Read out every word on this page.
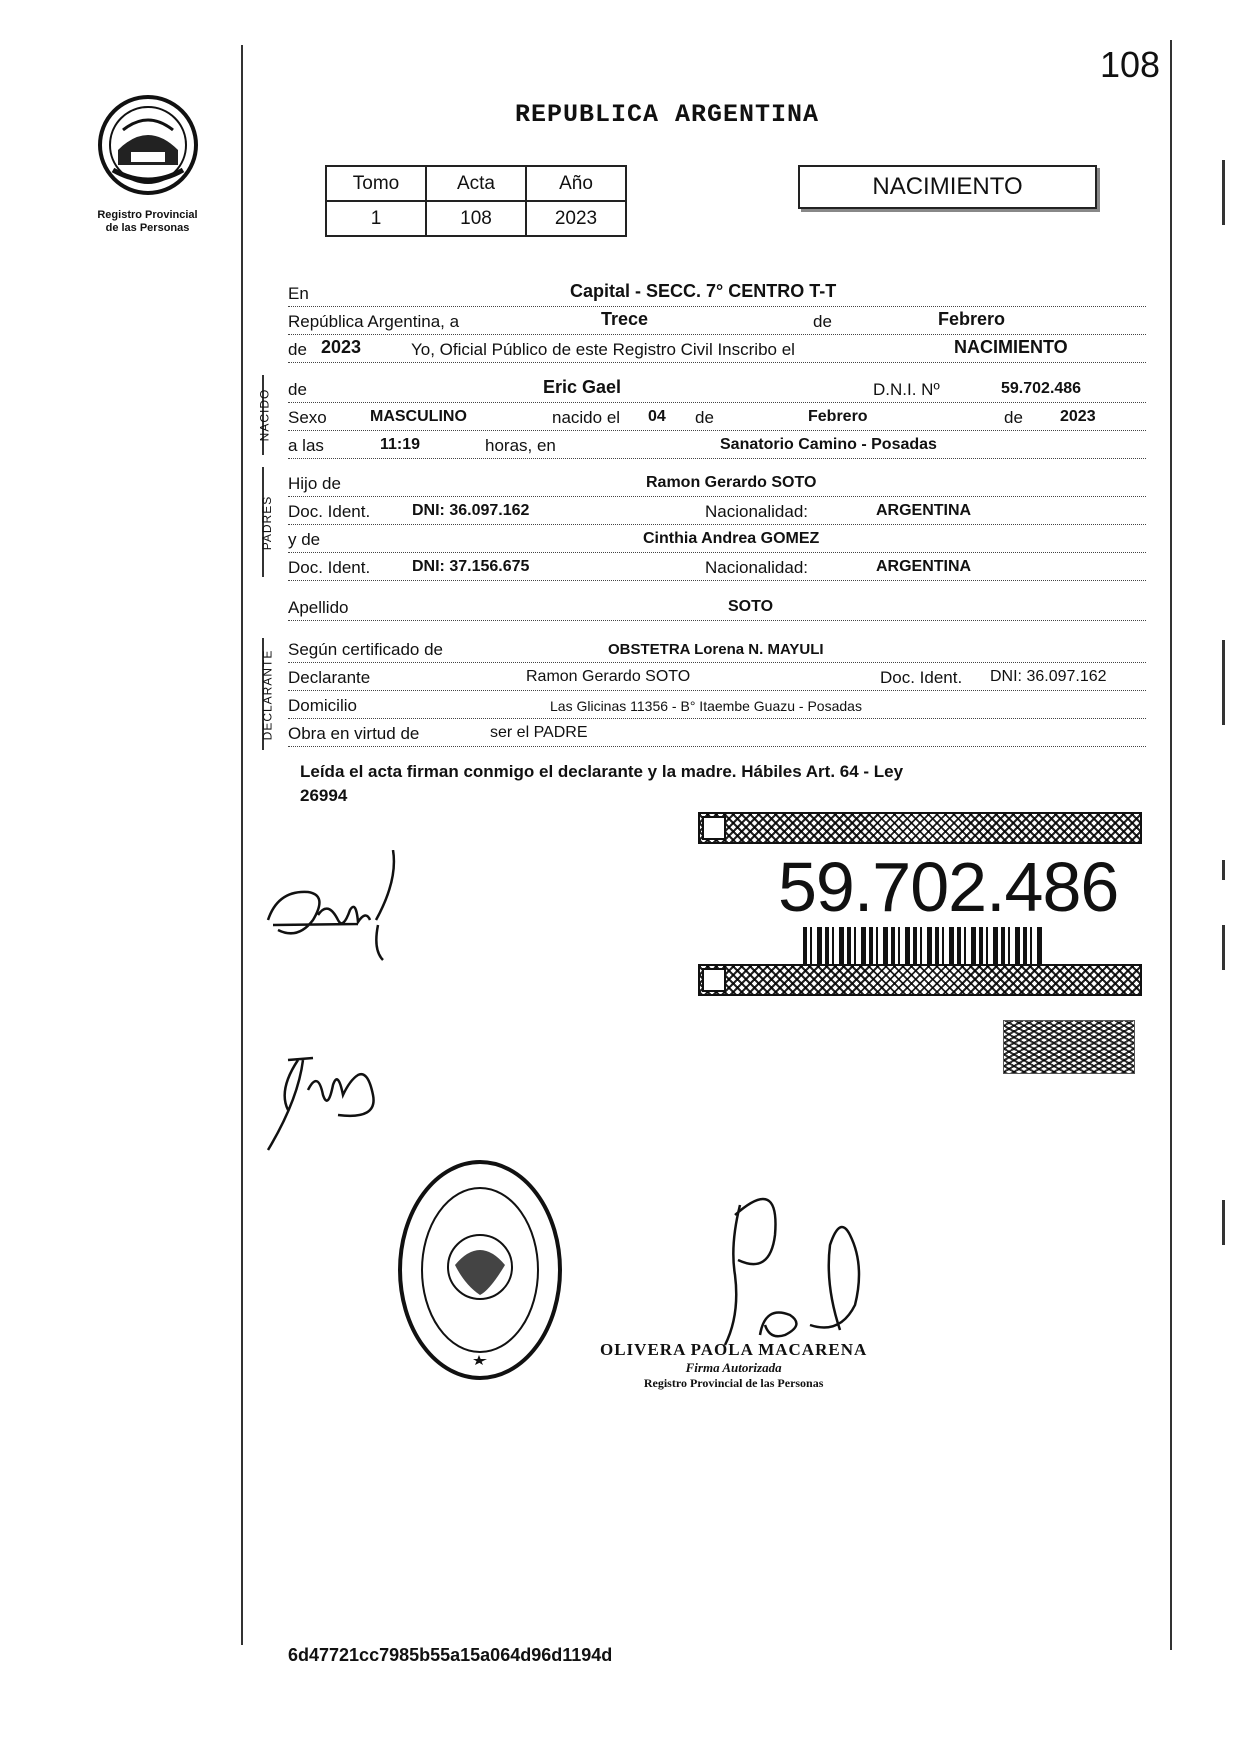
108
Registro Provincial
de las Personas
REPUBLICA ARGENTINA
Tomo	Acta	Año
1	108	2023
NACIMIENTO
En	Capital - SECC. 7° CENTRO T-T
República Argentina, a	Trece	de	Febrero
de 2023	Yo, Oficial Público de este Registro Civil Inscribo el	NACIMIENTO
NACIDO de	Eric Gael	D.N.I. Nº	59.702.486
Sexo	MASCULINO	nacido el 04 de	Febrero	de 2023
a las	11:19	horas, en	Sanatorio Camino - Posadas
PADRES
Hijo de	Ramon Gerardo SOTO
Doc. Ident.	DNI: 36.097.162	Nacionalidad:	ARGENTINA
y de	Cinthia Andrea GOMEZ
Doc. Ident.	DNI: 37.156.675	Nacionalidad:	ARGENTINA
Apellido	SOTO
DECLARANTE
Según certificado de	OBSTETRA Lorena N. MAYULI
Declarante	Ramon Gerardo SOTO	Doc. Ident. DNI: 36.097.162
Domicilio	Las Glicinas 11356 - B° Itaembe Guazu - Posadas
Obra en virtud de	ser el PADRE
Leída el acta firman conmigo el declarante y la madre. Hábiles Art. 64 - Ley
26994
59.702.486
OLIVERA PAOLA MACARENA
Firma Autorizada
Registro Provincial de las Personas
6d47721cc7985b55a15a064d96d1194d
